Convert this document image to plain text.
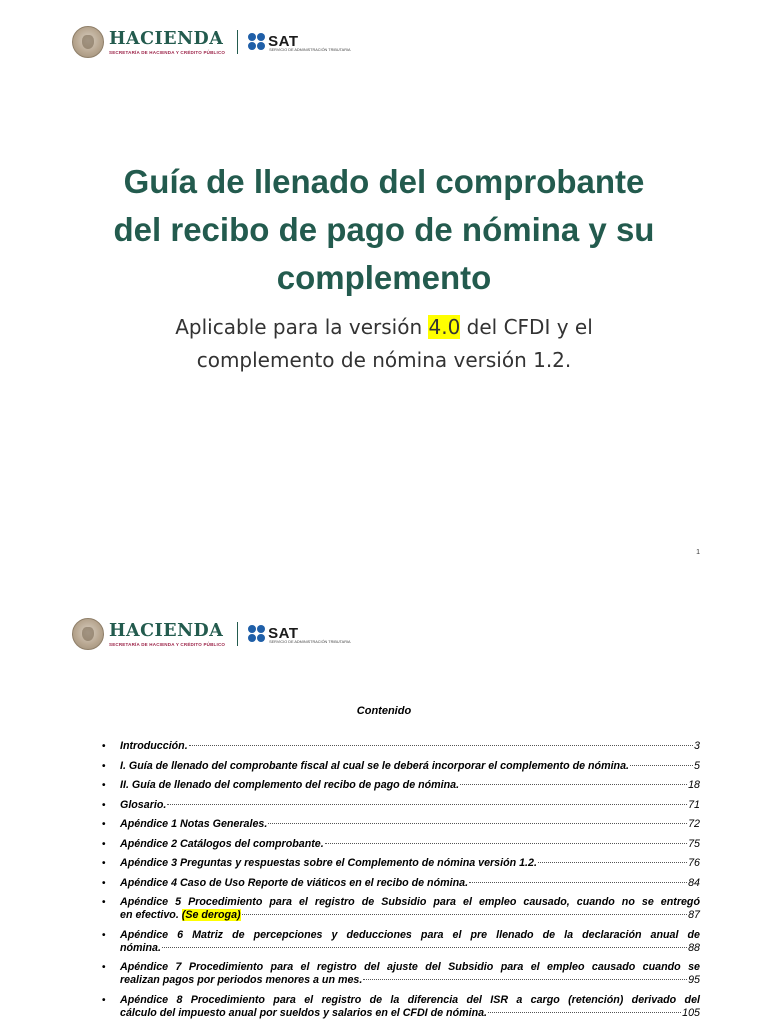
HACIENDA
SECRETARÍA DE HACIENDA Y CRÉDITO PÚBLICO
SAT
SERVICIO DE ADMINISTRACIÓN TRIBUTARIA
Guía de llenado del comprobante
del recibo de pago de nómina y su
complemento
Aplicable para la versión 4.0 del CFDI y el
complemento de nómina versión 1.2.
1
HACIENDA
SECRETARÍA DE HACIENDA Y CRÉDITO PÚBLICO
SAT
SERVICIO DE ADMINISTRACIÓN TRIBUTARIA
Contenido
• Introducción.	3
• I. Guía de llenado del comprobante fiscal al cual se le deberá incorporar el complemento de nómina.	5
• II. Guía de llenado del complemento del recibo de pago de nómina.	18
• Glosario.	71
• Apéndice 1 Notas Generales.	72
• Apéndice 2 Catálogos del comprobante.	75
• Apéndice 3 Preguntas y respuestas sobre el Complemento de nómina versión 1.2.	76
• Apéndice 4 Caso de Uso Reporte de viáticos en el recibo de nómina.	84
• Apéndice 5 Procedimiento para el registro de Subsidio para el empleo causado, cuando no se entregó
en efectivo. (Se deroga)	87
• Apéndice 6 Matriz de percepciones y deducciones para el pre llenado de la declaración anual de
nómina.	88
• Apéndice 7 Procedimiento para el registro del ajuste del Subsidio para el empleo causado cuando se
realizan pagos por periodos menores a un mes.	95
• Apéndice 8 Procedimiento para el registro de la diferencia del ISR a cargo (retención) derivado del
cálculo del impuesto anual por sueldos y salarios en el CFDI de nómina.	105
